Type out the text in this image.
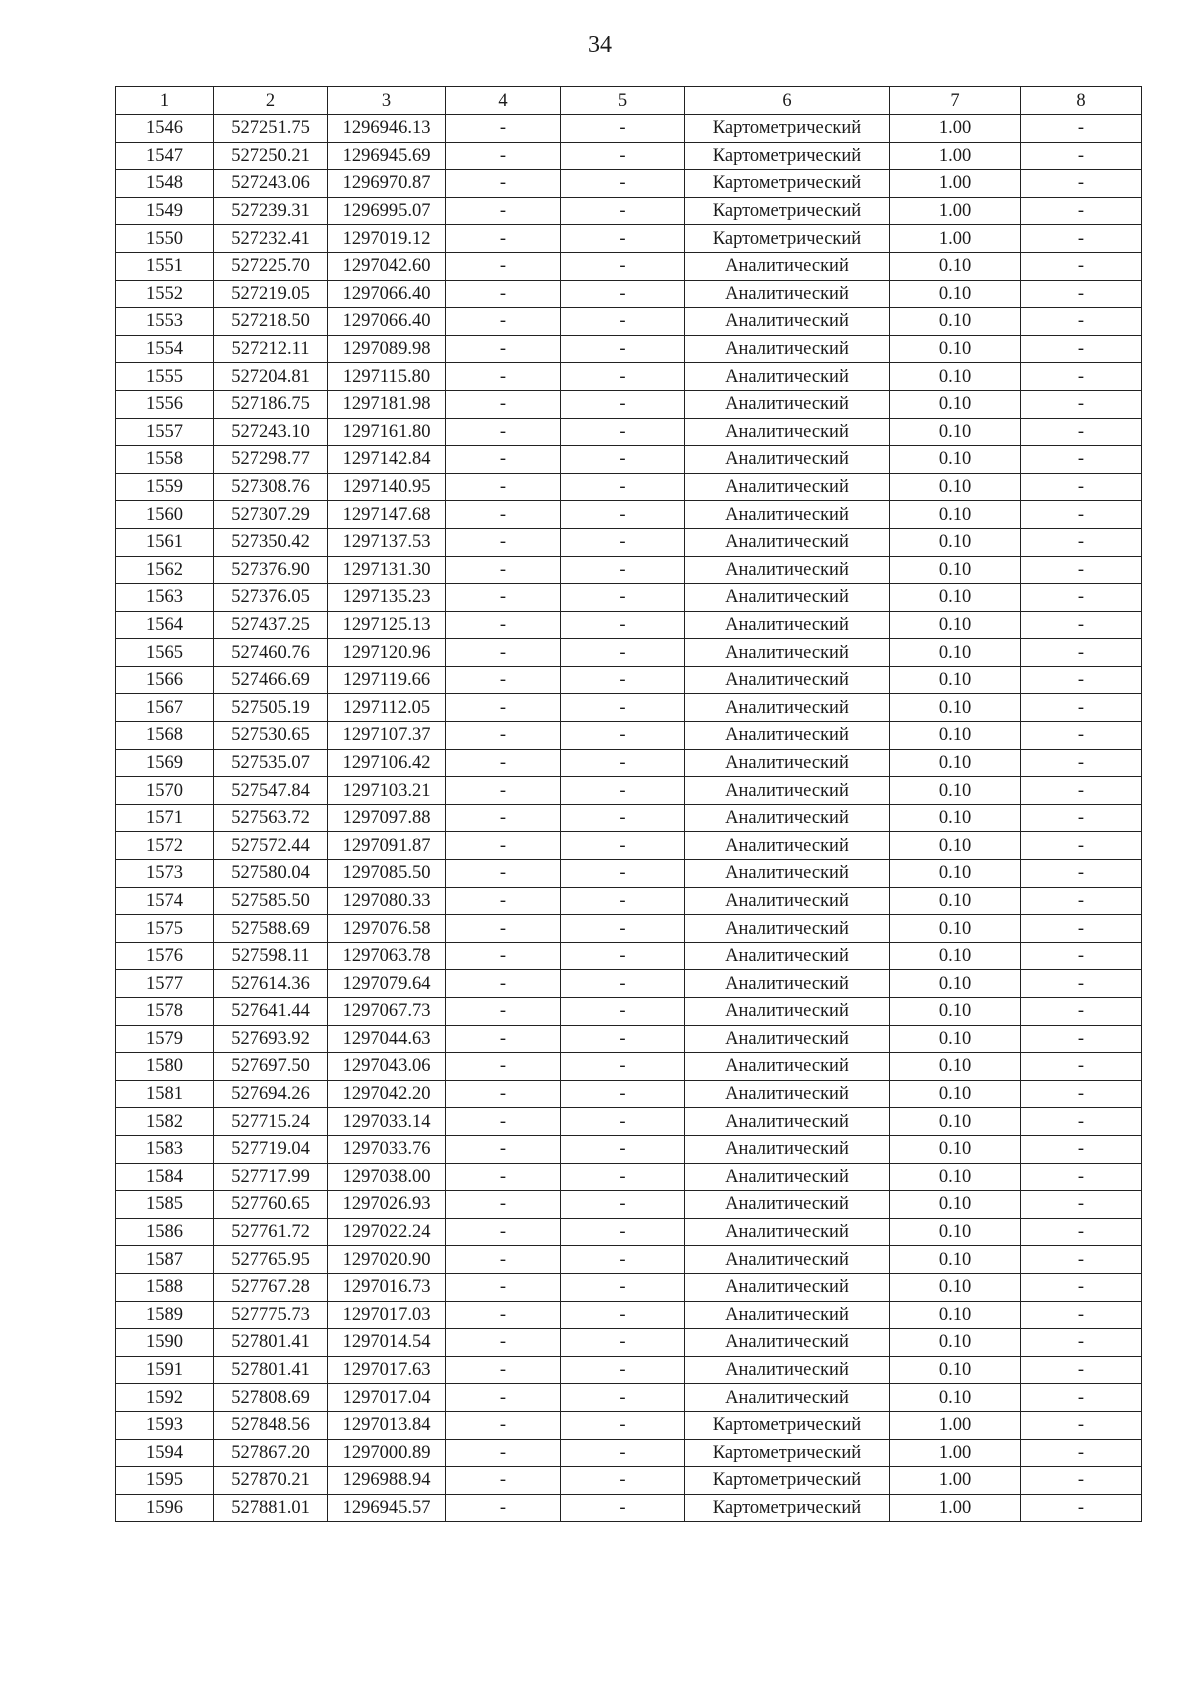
34
1	2	3	4	5	6	7	8
1546	527251.75	1296946.13	-	-	Картометрический	1.00	-
1547	527250.21	1296945.69	-	-	Картометрический	1.00	-
1548	527243.06	1296970.87	-	-	Картометрический	1.00	-
1549	527239.31	1296995.07	-	-	Картометрический	1.00	-
1550	527232.41	1297019.12	-	-	Картометрический	1.00	-
1551	527225.70	1297042.60	-	-	Аналитический	0.10	-
1552	527219.05	1297066.40	-	-	Аналитический	0.10	-
1553	527218.50	1297066.40	-	-	Аналитический	0.10	-
1554	527212.11	1297089.98	-	-	Аналитический	0.10	-
1555	527204.81	1297115.80	-	-	Аналитический	0.10	-
1556	527186.75	1297181.98	-	-	Аналитический	0.10	-
1557	527243.10	1297161.80	-	-	Аналитический	0.10	-
1558	527298.77	1297142.84	-	-	Аналитический	0.10	-
1559	527308.76	1297140.95	-	-	Аналитический	0.10	-
1560	527307.29	1297147.68	-	-	Аналитический	0.10	-
1561	527350.42	1297137.53	-	-	Аналитический	0.10	-
1562	527376.90	1297131.30	-	-	Аналитический	0.10	-
1563	527376.05	1297135.23	-	-	Аналитический	0.10	-
1564	527437.25	1297125.13	-	-	Аналитический	0.10	-
1565	527460.76	1297120.96	-	-	Аналитический	0.10	-
1566	527466.69	1297119.66	-	-	Аналитический	0.10	-
1567	527505.19	1297112.05	-	-	Аналитический	0.10	-
1568	527530.65	1297107.37	-	-	Аналитический	0.10	-
1569	527535.07	1297106.42	-	-	Аналитический	0.10	-
1570	527547.84	1297103.21	-	-	Аналитический	0.10	-
1571	527563.72	1297097.88	-	-	Аналитический	0.10	-
1572	527572.44	1297091.87	-	-	Аналитический	0.10	-
1573	527580.04	1297085.50	-	-	Аналитический	0.10	-
1574	527585.50	1297080.33	-	-	Аналитический	0.10	-
1575	527588.69	1297076.58	-	-	Аналитический	0.10	-
1576	527598.11	1297063.78	-	-	Аналитический	0.10	-
1577	527614.36	1297079.64	-	-	Аналитический	0.10	-
1578	527641.44	1297067.73	-	-	Аналитический	0.10	-
1579	527693.92	1297044.63	-	-	Аналитический	0.10	-
1580	527697.50	1297043.06	-	-	Аналитический	0.10	-
1581	527694.26	1297042.20	-	-	Аналитический	0.10	-
1582	527715.24	1297033.14	-	-	Аналитический	0.10	-
1583	527719.04	1297033.76	-	-	Аналитический	0.10	-
1584	527717.99	1297038.00	-	-	Аналитический	0.10	-
1585	527760.65	1297026.93	-	-	Аналитический	0.10	-
1586	527761.72	1297022.24	-	-	Аналитический	0.10	-
1587	527765.95	1297020.90	-	-	Аналитический	0.10	-
1588	527767.28	1297016.73	-	-	Аналитический	0.10	-
1589	527775.73	1297017.03	-	-	Аналитический	0.10	-
1590	527801.41	1297014.54	-	-	Аналитический	0.10	-
1591	527801.41	1297017.63	-	-	Аналитический	0.10	-
1592	527808.69	1297017.04	-	-	Аналитический	0.10	-
1593	527848.56	1297013.84	-	-	Картометрический	1.00	-
1594	527867.20	1297000.89	-	-	Картометрический	1.00	-
1595	527870.21	1296988.94	-	-	Картометрический	1.00	-
1596	527881.01	1296945.57	-	-	Картометрический	1.00	-
